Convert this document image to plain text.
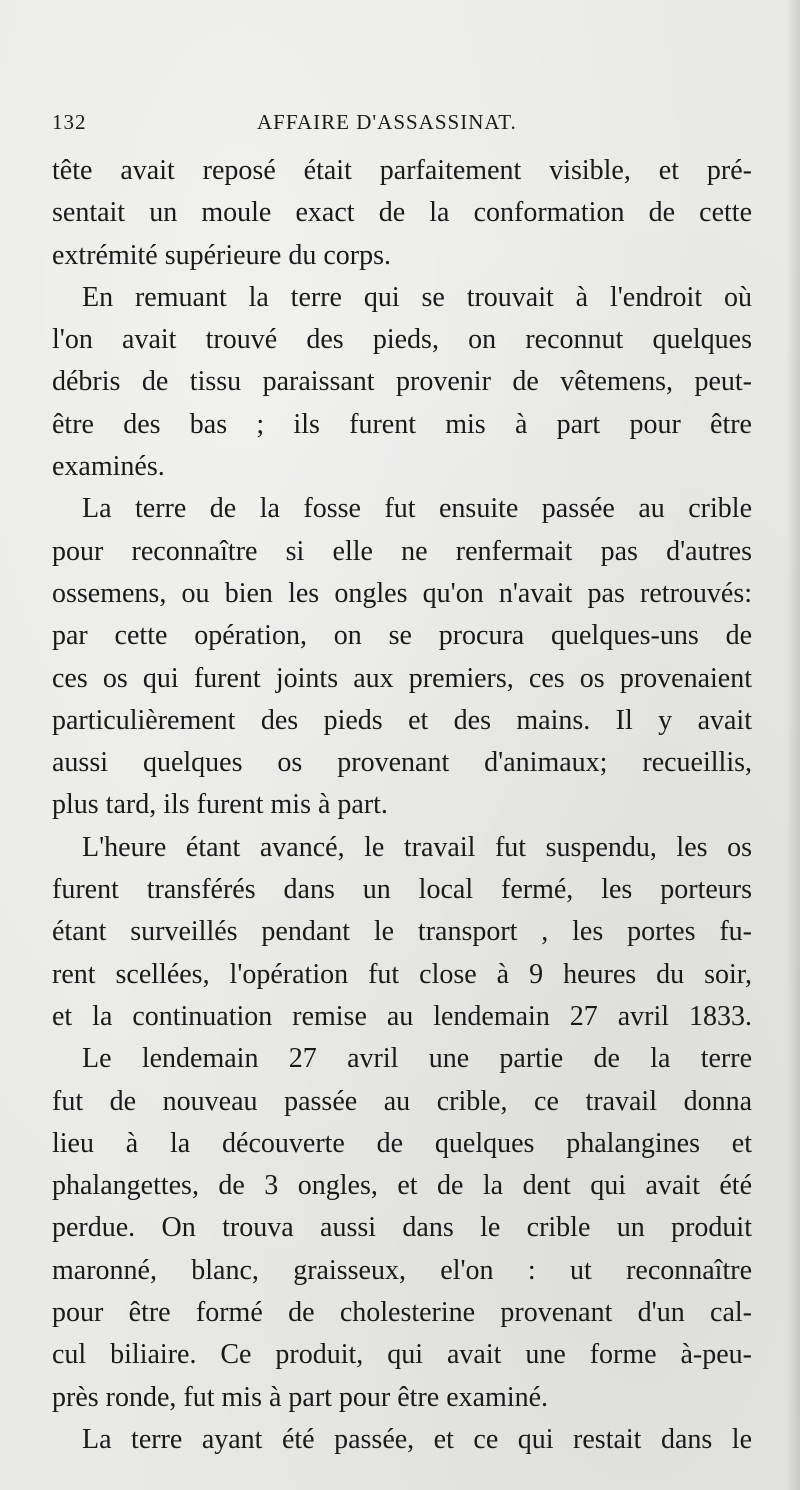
132	AFFAIRE D'ASSASSINAT.
tête avait reposé était parfaitement visible, et pré-
sentait un moule exact de la conformation de cette
extrémité supérieure du corps.
En remuant la terre qui se trouvait à l'endroit où
l'on avait trouvé des pieds, on reconnut quelques
débris de tissu paraissant provenir de vêtemens, peut-
être des bas ; ils furent mis à part pour être
examinés.
La terre de la fosse fut ensuite passée au crible
pour reconnaître si elle ne renfermait pas d'autres
ossemens, ou bien les ongles qu'on n'avait pas retrouvés:
par cette opération, on se procura quelques-uns de
ces os qui furent joints aux premiers, ces os provenaient
particulièrement des pieds et des mains. Il y avait
aussi quelques os provenant d'animaux; recueillis,
plus tard, ils furent mis à part.
L'heure étant avancé, le travail fut suspendu, les os
furent transférés dans un local fermé, les porteurs
étant surveillés pendant le transport , les portes fu-
rent scellées, l'opération fut close à 9 heures du soir,
et la continuation remise au lendemain 27 avril 1833.
Le lendemain 27 avril une partie de la terre
fut de nouveau passée au crible, ce travail donna
lieu à la découverte de quelques phalangines et
phalangettes, de 3 ongles, et de la dent qui avait été
perdue. On trouva aussi dans le crible un produit
maronné, blanc, graisseux, el'on : ut reconnaître
pour être formé de cholesterine provenant d'un cal-
cul biliaire. Ce produit, qui avait une forme à-peu-
près ronde, fut mis à part pour être examiné.
La terre ayant été passée, et ce qui restait dans le
